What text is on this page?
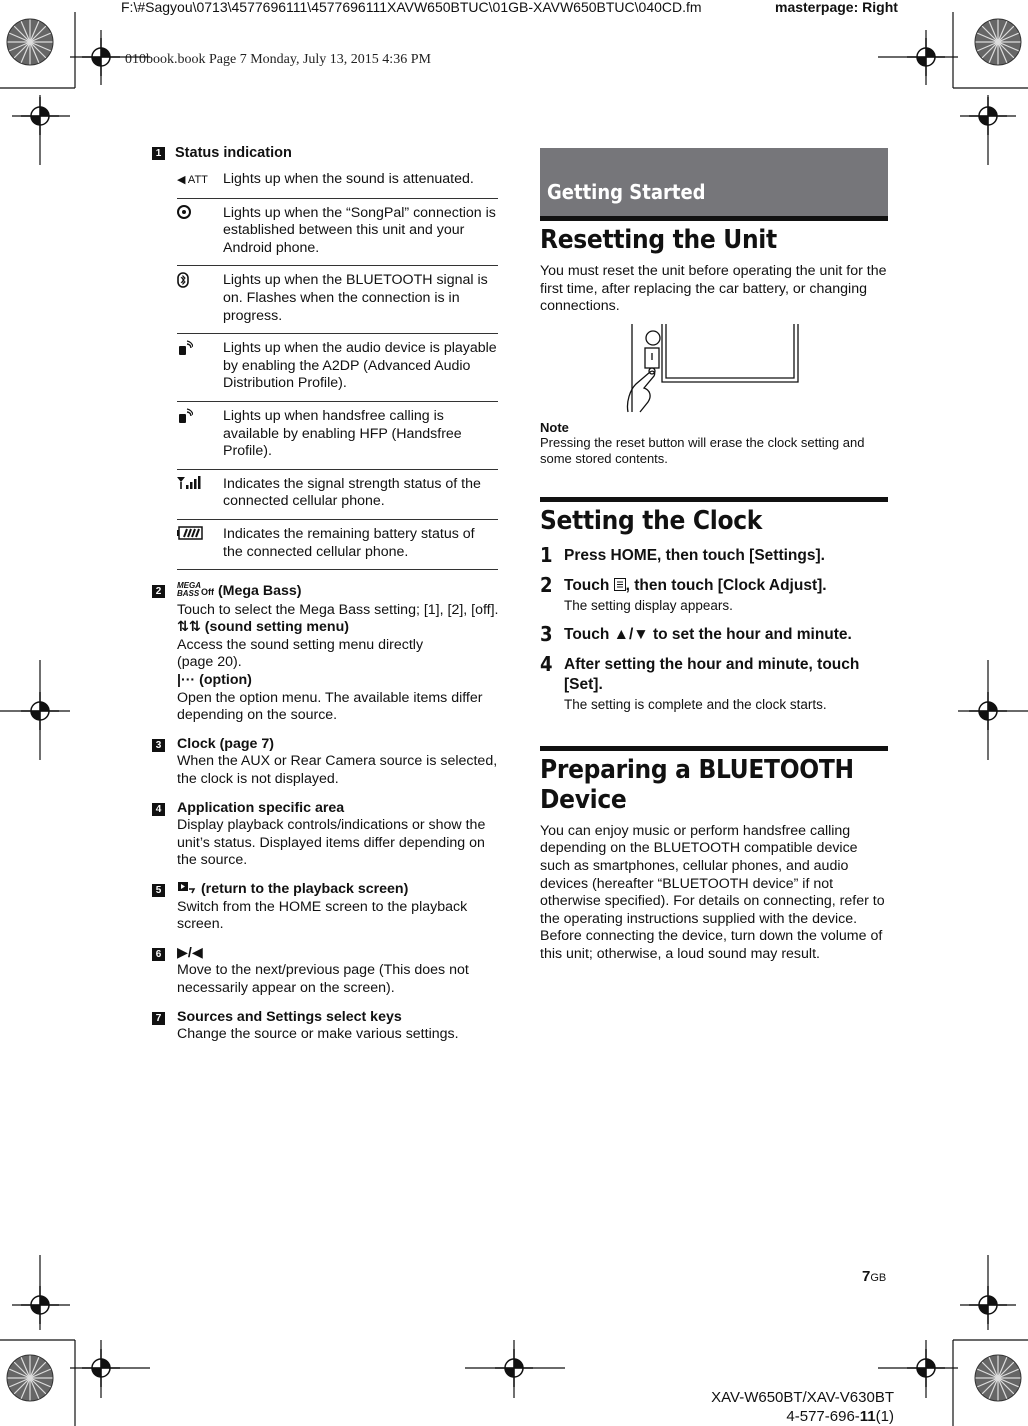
F:\#Sagyou\0713\4577696111\4577696111XAVW650BTUC\01GB-XAVW650BTUC\040CD.fm	masterpage: Right
010book.book Page 7 Monday, July 13, 2015 4:36 PM
1 Status indication
◀ ATT	Lights up when the sound is attenuated.
	Lights up when the “SongPal” connection is established between this unit and your Android phone.
	Lights up when the BLUETOOTH signal is on. Flashes when the connection is in progress.
	Lights up when the audio device is playable by enabling the A2DP (Advanced Audio Distribution Profile).
	Lights up when handsfree calling is available by enabling HFP (Handsfree Profile).
	Indicates the signal strength status of the connected cellular phone.
	Indicates the remaining battery status of the connected cellular phone.
2
MEGA
BASS Off (Mega Bass)
Touch to select the Mega Bass setting; [1], [2], [off].
⇅⇅ (sound setting menu)
Access the sound setting menu directly (page 20).
|··· (option)
Open the option menu. The available items differ depending on the source.
3 Clock (page 7)
When the AUX or Rear Camera source is selected, the clock is not displayed.
4 Application specific area
Display playback controls/indications or show the unit’s status. Displayed items differ depending on the source.
5	(return to the playback screen)
Switch from the HOME screen to the playback screen.
6 ▶/◀
Move to the next/previous page (This does not necessarily appear on the screen).
7 Sources and Settings select keys
Change the source or make various settings.
Getting Started
Resetting the Unit

You must reset the unit before operating the unit for the first time, after replacing the car battery, or changing connections.

Note
Pressing the reset button will erase the clock setting and some stored contents.
Setting the Clock
1 Press HOME, then touch [Settings].
2 Touch , then touch [Clock Adjust].
The setting display appears.
3 Touch ▲/▼ to set the hour and minute.
4 After setting the hour and minute, touch [Set].
The setting is complete and the clock starts.
Preparing a BLUETOOTH Device

You can enjoy music or perform handsfree calling depending on the BLUETOOTH compatible device such as smartphones, cellular phones, and audio devices (hereafter “BLUETOOTH device” if not otherwise specified). For details on connecting, refer to the operating instructions supplied with the device.

Before connecting the device, turn down the volume of this unit; otherwise, a loud sound may result.

7GB
XAV-W650BT/XAV-V630BT
4-577-696-11(1)
